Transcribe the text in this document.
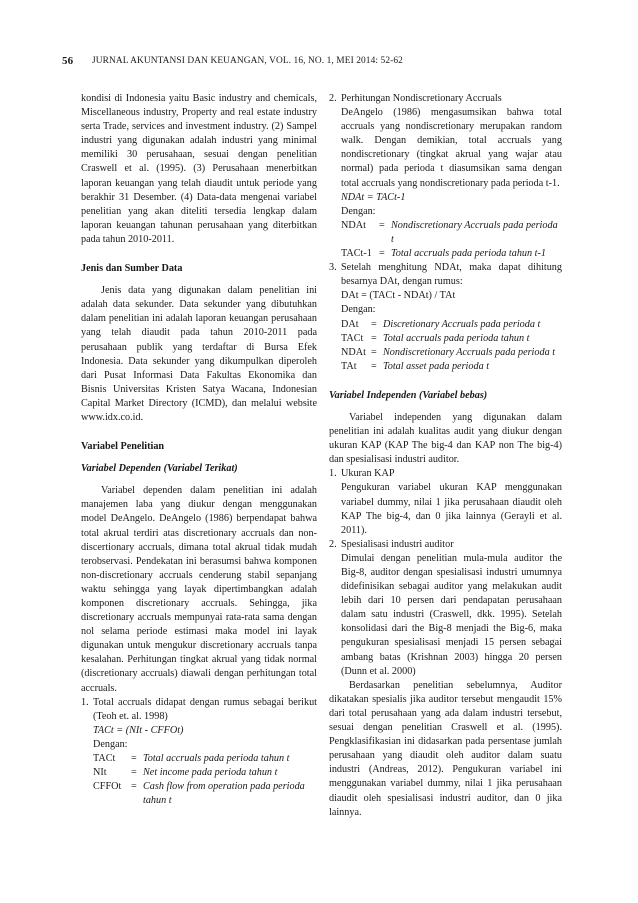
56 JURNAL AKUNTANSI DAN KEUANGAN, VOL. 16, NO. 1, MEI 2014: 52-62

kondisi di Indonesia yaitu Basic industry and chemicals, Miscellaneous industry, Property and real estate industry serta Trade, services and investment industry. (2) Sampel industri yang digunakan adalah industri yang minimal memiliki 30 perusahaan, sesuai dengan penelitian Craswell et al. (1995). (3) Perusahaan menerbitkan laporan keuangan yang telah diaudit untuk periode yang berakhir 31 Desember. (4) Data-data mengenai variabel penelitian yang akan diteliti tersedia lengkap dalam laporan keuangan tahunan perusahaan yang diterbitkan pada tahun 2010-2011.

Jenis dan Sumber Data

Jenis data yang digunakan dalam penelitian ini adalah data sekunder. Data sekunder yang dibutuhkan dalam penelitian ini adalah laporan keuangan perusahaan yang telah diaudit pada tahun 2010-2011 pada perusahaan publik yang terdaftar di Bursa Efek Indonesia. Data sekunder yang dikumpulkan diperoleh dari Pusat Informasi Data Fakultas Ekonomika dan Bisnis Universitas Kristen Satya Wacana, Indonesian Capital Market Directory (ICMD), dan melalui website www.idx.co.id.

Variabel Penelitian

Variabel Dependen (Variabel Terikat)

Variabel dependen dalam penelitian ini adalah manajemen laba yang diukur dengan menggunakan model DeAngelo. DeAngelo (1986) berpendapat bahwa total akrual terdiri atas discretionary accruals dan non-discertionary accruals, dimana total akrual tidak mudah terobservasi. Pendekatan ini berasumsi bahwa komponen non-discretionary accruals cenderung stabil sepanjang waktu sehingga yang layak dipertimbangkan adalah komponen discretionary accruals. Sehingga, jika discretionary accruals mempunyai rata-rata sama dengan nol selama periode estimasi maka model ini layak digunakan untuk mengukur discretionary accruals tanpa kesalahan. Perhitungan tingkat akrual yang tidak normal (discretionary accruals) diawali dengan perhitungan total accruals.

1. Total accruals didapat dengan rumus sebagai berikut (Teoh et. al. 1998)

TACt = (NIt - CFFOt)

Dengan:

TACt	= Total accruals pada perioda tahun t
NIt	= Net income pada perioda tahun t
CFFOt = Cash flow from operation pada perioda tahun t
2. Perhitungan Nondiscretionary Accruals

DeAngelo (1986) mengasumsikan bahwa total accruals yang nondiscretionary merupakan random walk. Dengan demikian, total accruals yang nondiscretionary (tingkat akrual yang wajar atau normal) pada perioda t diasumsikan sama dengan total accruals yang nondiscretionary pada perioda t-1.

NDAt = TACt-1

Dengan:

NDAt	= Nondiscretionary Accruals pada perioda t
TACt-1 = Total accruals pada perioda tahun t-1
3. Setelah menghitung NDAt, maka dapat dihitung besarnya DAt, dengan rumus:

DAt = (TACt - NDAt) / TAt

Dengan:

DAt	= Discretionary Accruals pada perioda t
TACt = Total accruals pada perioda tahun t
NDAt = Nondiscretionary Accruals pada perioda t
TAt	= Total asset pada perioda t

Variabel Independen (Variabel bebas)

Variabel independen yang digunakan dalam penelitian ini adalah kualitas audit yang diukur dengan ukuran KAP (KAP The big-4 dan KAP non The big-4) dan spesialisasi industri auditor.

1. Ukuran KAP

Pengukuran variabel ukuran KAP menggunakan variabel dummy, nilai 1 jika perusahaan diaudit oleh KAP The big-4, dan 0 jika lainnya (Gerayli et al. 2011).

2. Spesialisasi industri auditor

Dimulai dengan penelitian mula-mula auditor the Big-8, auditor dengan spesialisasi industri umumnya didefinisikan sebagai auditor yang melakukan audit lebih dari 10 persen dari pendapatan perusahaan dalam satu industri (Craswell, dkk. 1995). Setelah konsolidasi dari the Big-8 menjadi the Big-6, maka pengukuran spesialisasi menjadi 15 persen sebagai ambang batas (Krishnan 2003) hingga 20 persen (Dunn et al. 2000)

Berdasarkan penelitian sebelumnya, Auditor dikatakan spesialis jika auditor tersebut mengaudit 15% dari total perusahaan yang ada dalam industri tersebut, sesuai dengan penelitian Craswell et al. (1995). Pengklasifikasian ini didasarkan pada persentase jumlah perusahaan yang diaudit oleh auditor dalam suatu industri (Andreas, 2012). Pengukuran variabel ini menggunakan variabel dummy, nilai 1 jika perusahaan diaudit oleh spesialisasi industri auditor, dan 0 jika lainnya.
